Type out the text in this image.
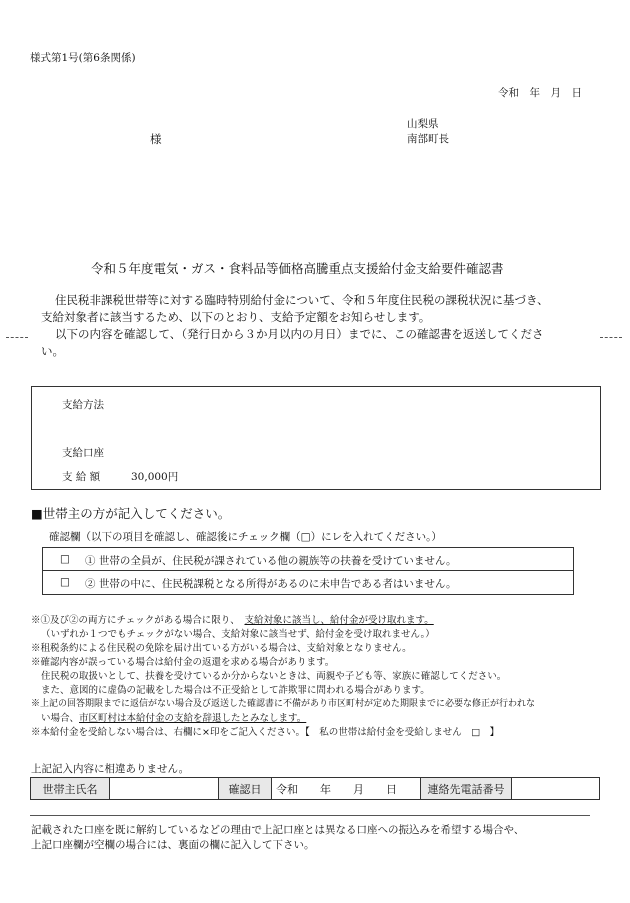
様式第1号(第6条関係)
令和　年　月　日
様
山梨県
南部町長
令和５年度電気・ガス・食料品等価格高騰重点支援給付金支給要件確認書
住民税非課税世帯等に対する臨時特別給付金について、令和５年度住民税の課税状況に基づき、
支給対象者に該当するため、以下のとおり、支給予定額をお知らせします。
以下の内容を確認して、（発行日から３か月以内の月日）までに、この確認書を返送してくださ
い。
支給方法
支給口座
支 給 額	30,000円
■世帯主の方が記入してください。
確認欄（以下の項目を確認し、確認後にチェック欄（□）にレを入れてください。）
□ ① 世帯の全員が、住民税が課されている他の親族等の扶養を受けていません。
□ ② 世帯の中に、住民税課税となる所得があるのに未申告である者はいません。
※①及び②の両方にチェックがある場合に限り、　 支給対象に該当し、給付金が受け取れます。
（いずれか１つでもチェックがない場合、支給対象に該当せず、給付金を受け取れません。）
※租税条約による住民税の免除を届け出ている方がいる場合は、支給対象となりません。
※確認内容が誤っている場合は給付金の返還を求める場合があります。
住民税の取扱いとして、扶養を受けているか分からないときは、両親や子ども等、家族に確認してください。
また、意図的に虚偽の記載をした場合は不正受給として詐欺罪に問われる場合があります。
※上記の回答期限までに返信がない場合及び返送した確認書に不備があり市区町村が定めた期限までに必要な修正が行われな
い場合、市区町村は本給付金の支給を辞退したとみなします。
※本給付金を受給しない場合は、右欄に×印をご記入ください。【　私の世帯は給付金を受給しません　□　】
上記記入内容に相違ありません。
世帯主氏名		確認日	令和　　年　　月　　日	連絡先電話番号	
記載された口座を既に解約しているなどの理由で上記口座とは異なる口座への振込みを希望する場合や、
上記口座欄が空欄の場合には、裏面の欄に記入して下さい。
